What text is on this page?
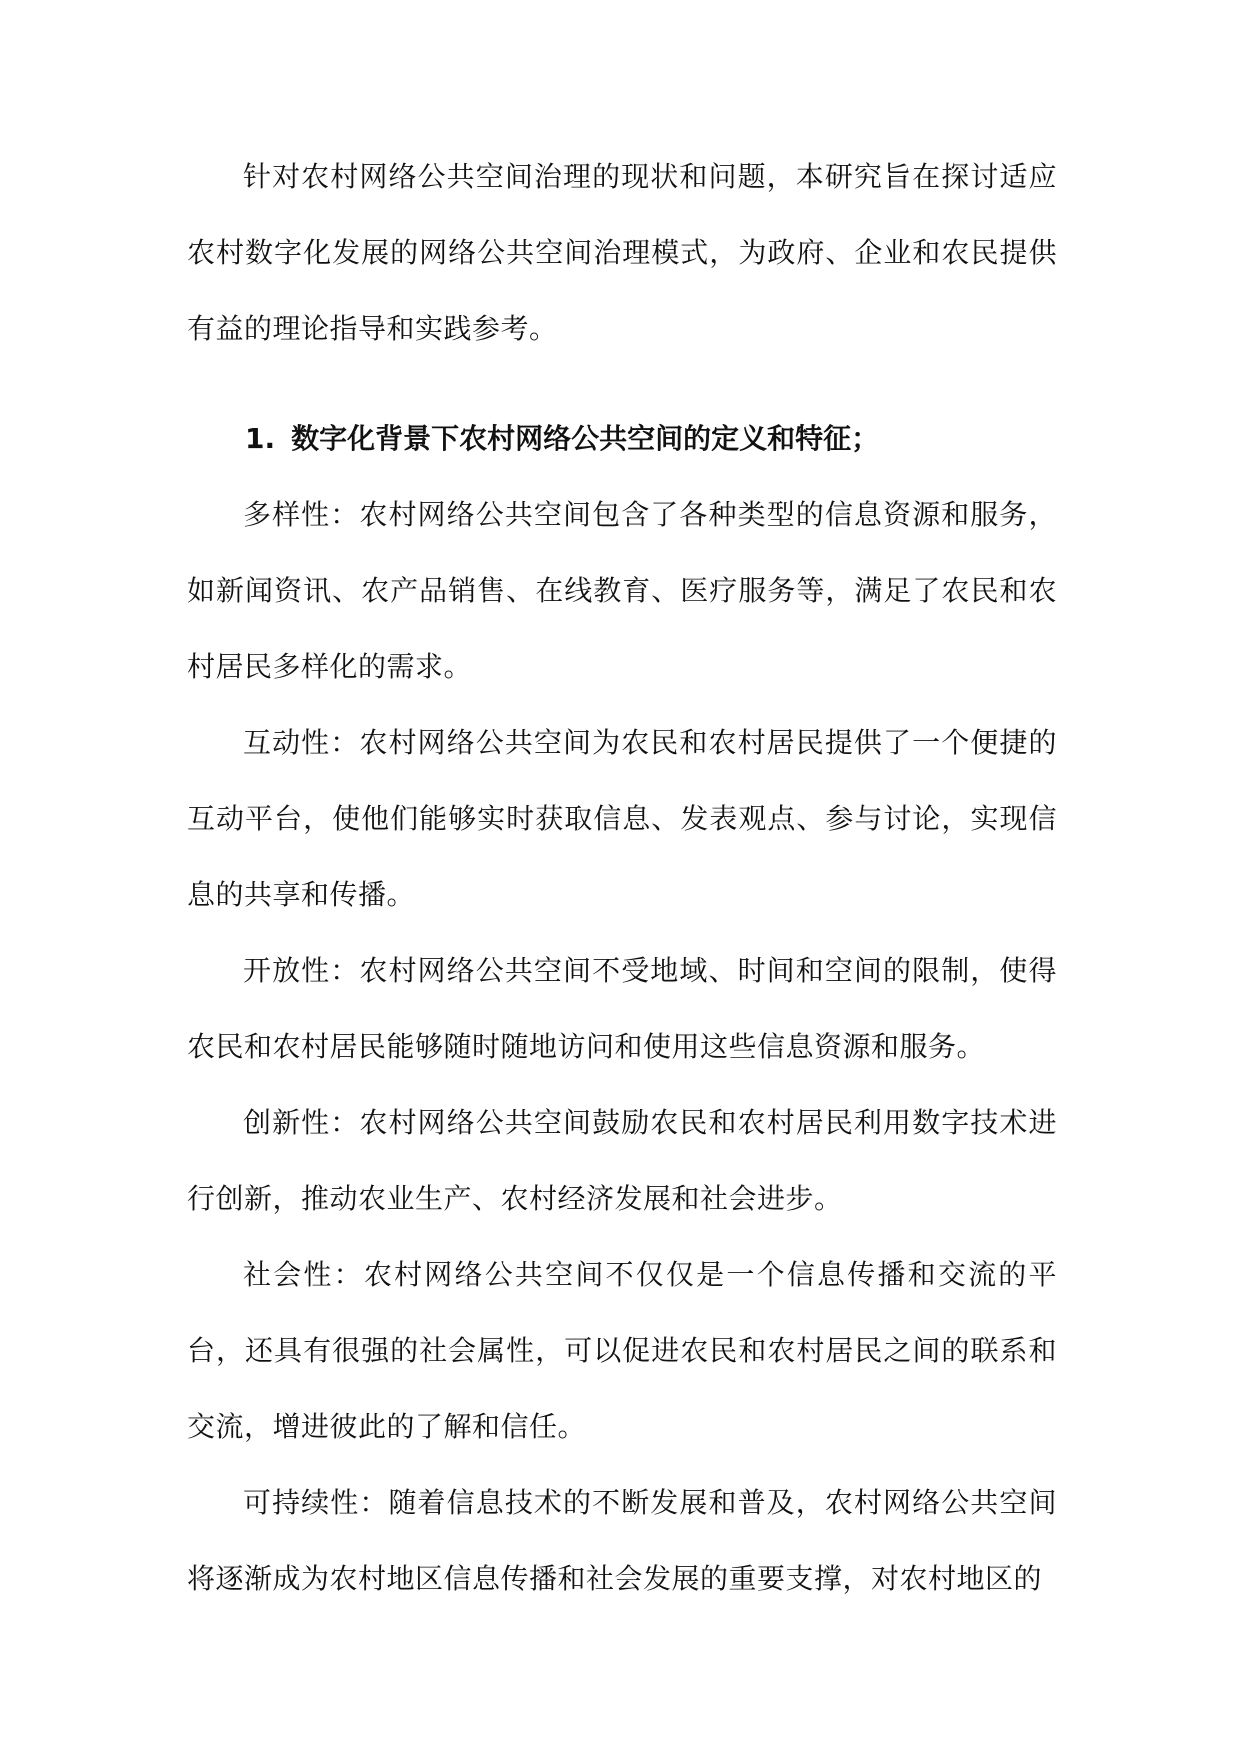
针对农村网络公共空间治理的现状和问题，本研究旨在探讨适应农村数字化发展的网络公共空间治理模式，为政府、企业和农民提供有益的理论指导和实践参考。

1. 数字化背景下农村网络公共空间的定义和特征；

多样性：农村网络公共空间包含了各种类型的信息资源和服务，如新闻资讯、农产品销售、在线教育、医疗服务等，满足了农民和农村居民多样化的需求。

互动性：农村网络公共空间为农民和农村居民提供了一个便捷的互动平台，使他们能够实时获取信息、发表观点、参与讨论，实现信息的共享和传播。

开放性：农村网络公共空间不受地域、时间和空间的限制，使得农民和农村居民能够随时随地访问和使用这些信息资源和服务。

创新性：农村网络公共空间鼓励农民和农村居民利用数字技术进行创新，推动农业生产、农村经济发展和社会进步。

社会性：农村网络公共空间不仅仅是一个信息传播和交流的平台，还具有很强的社会属性，可以促进农民和农村居民之间的联系和交流，增进彼此的了解和信任。

可持续性：随着信息技术的不断发展和普及，农村网络公共空间将逐渐成为农村地区信息传播和社会发展的重要支撑，对农村地区的
